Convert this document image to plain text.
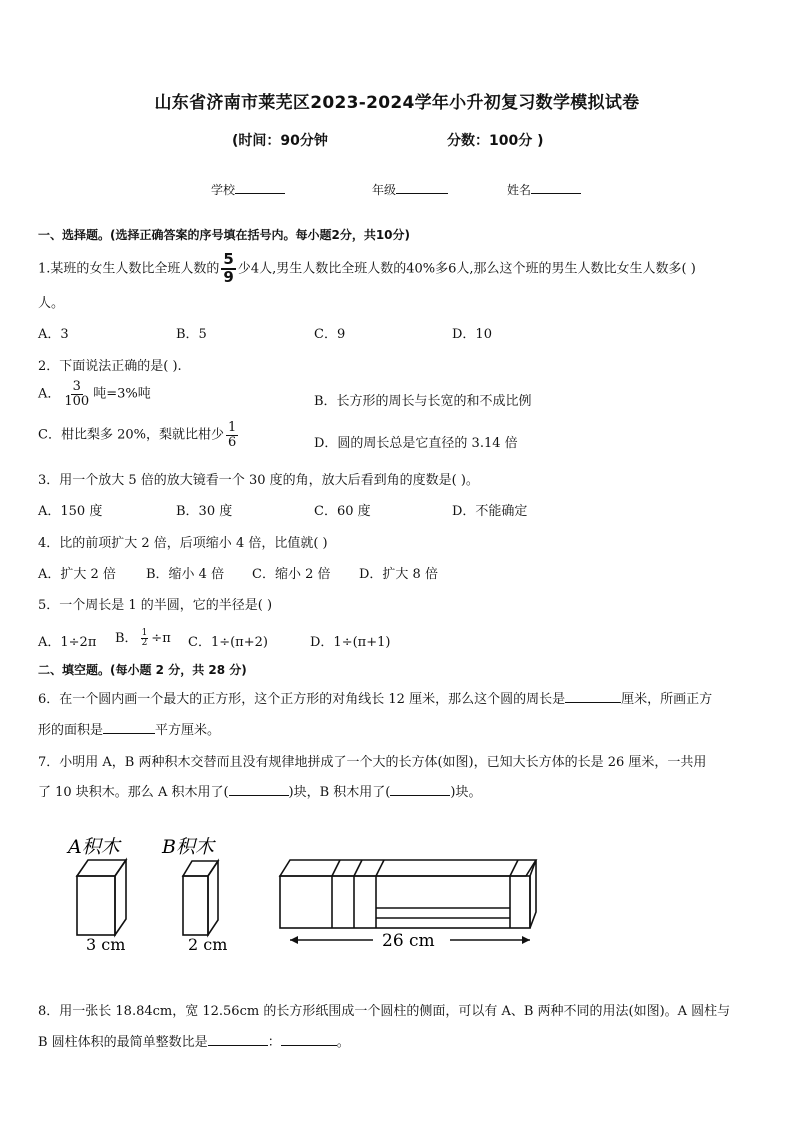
山东省济南市莱芜区2023-2024学年小升初复习数学模拟试卷
(时间：90分钟	分数：100分 )
学校	年级	姓名
一、选择题。(选择正确答案的序号填在括号内。每小题2分，共10分)
1.某班的女生人数比全班人数的 $\frac{5}{9}$ 少4人,男生人数比全班人数的40%多6人,那么这个班的男生人数比女生人数多( )
人。
A．3	B．5	C．9	D．10
2．下面说法正确的是( ).
A． $\frac{3}{100}$ 吨=3%吨	B．长方形的周长与长宽的和不成比例
C．柑比梨多 20%，梨就比柑少 $\frac{1}{6}$	D．圆的周长总是它直径的 3.14 倍
3．用一个放大 5 倍的放大镜看一个 30 度的角，放大后看到角的度数是( )。
A．150 度	B．30 度	C．60 度	D．不能确定
4．比的前项扩大 2 倍，后项缩小 4 倍，比值就( )
A．扩大 2 倍 B．缩小 4 倍 C．缩小 2 倍 D．扩大 8 倍
5．一个周长是 1 的半圆，它的半径是( )
A．1÷2π B． $\frac{1}{2} \div\pi$ C．1÷(π+2)	D．1÷(π+1)
二、填空题。(每小题 2 分，共 28 分)
6．在一个圆内画一个最大的正方形，这个正方形的对角线长 12 厘米，那么这个圆的周长是	厘米，所画正方
形的面积是	平方厘米。
7．小明用 A，B 两种积木交替而且没有规律地拼成了一个大的长方体(如图)，已知大长方体的长是 26 厘米，一共用
了 10 块积木。那么 A 积木用了(	)块，B 积木用了(	)块。
A积木 B积木
3 cm	2 cm	26 cm
8．用一张长 18.84cm，宽 12.56cm 的长方形纸围成一个圆柱的侧面，可以有 A、B 两种不同的用法(如图)。A 圆柱与
B 圆柱体积的最简单整数比是	：	。
